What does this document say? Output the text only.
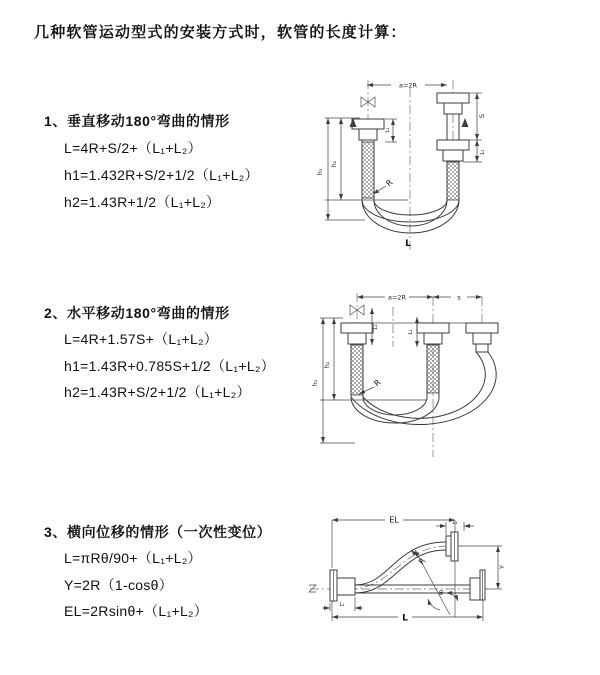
几种软管运动型式的安装方式时，软管的长度计算：
1、垂直移动180°弯曲的情形
L=4R+S/2+（L₁+L₂）
h1=1.432R+S/2+1/2（L₁+L₂）
h2=1.43R+1/2（L₁+L₂）
2、水平移动180°弯曲的情形
L=4R+1.57S+（L₁+L₂）
h1=1.43R+0.785S+1/2（L₁+L₂）
h2=1.43R+S/2+1/2（L₁+L₂）
3、横向位移的情形（一次性变位）
L=πRθ/90+（L₁+L₂）
Y=2R（1-cosθ）
EL=2Rsinθ+（L₁+L₂）
a=2R
h₁
h₂
S
L₁
L₁
R
L
a=2R	s
h₁
h₂
L₁
L₁
R
EL	L₁
Y
L
L₁
θ
R
